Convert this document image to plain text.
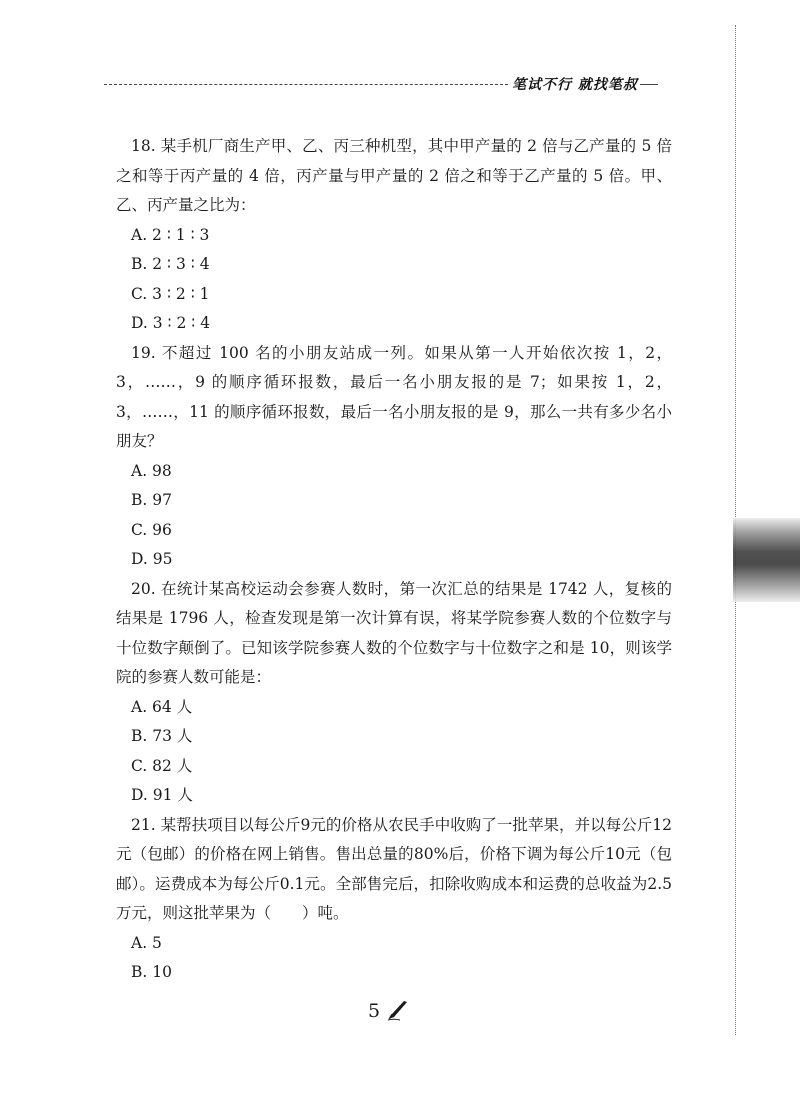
笔试不行 就找笔叔

18. 某手机厂商生产甲、乙、丙三种机型，其中甲产量的 2 倍与乙产量的 5 倍之和等于丙产量的 4 倍，丙产量与甲产量的 2 倍之和等于乙产量的 5 倍。甲、乙、丙产量之比为：

A. 2 ∶ 1 ∶ 3

B. 2 ∶ 3 ∶ 4

C. 3 ∶ 2 ∶ 1

D. 3 ∶ 2 ∶ 4

19. 不超过 100 名的小朋友站成一列。如果从第一人开始依次按 1，2，3，……，9 的顺序循环报数，最后一名小朋友报的是 7；如果按 1，2，3，……，11 的顺序循环报数，最后一名小朋友报的是 9，那么一共有多少名小朋友？

A. 98

B. 97

C. 96

D. 95

20. 在统计某高校运动会参赛人数时，第一次汇总的结果是 1742 人，复核的结果是 1796 人，检查发现是第一次计算有误，将某学院参赛人数的个位数字与十位数字颠倒了。已知该学院参赛人数的个位数字与十位数字之和是 10，则该学院的参赛人数可能是：

A. 64 人

B. 73 人

C. 82 人

D. 91 人

21. 某帮扶项目以每公斤9元的价格从农民手中收购了一批苹果，并以每公斤12元（包邮）的价格在网上销售。售出总量的80%后，价格下调为每公斤10元（包邮）。运费成本为每公斤0.1元。全部售完后，扣除收购成本和运费的总收益为2.5万元，则这批苹果为（　　）吨。

A. 5

B. 10

5
